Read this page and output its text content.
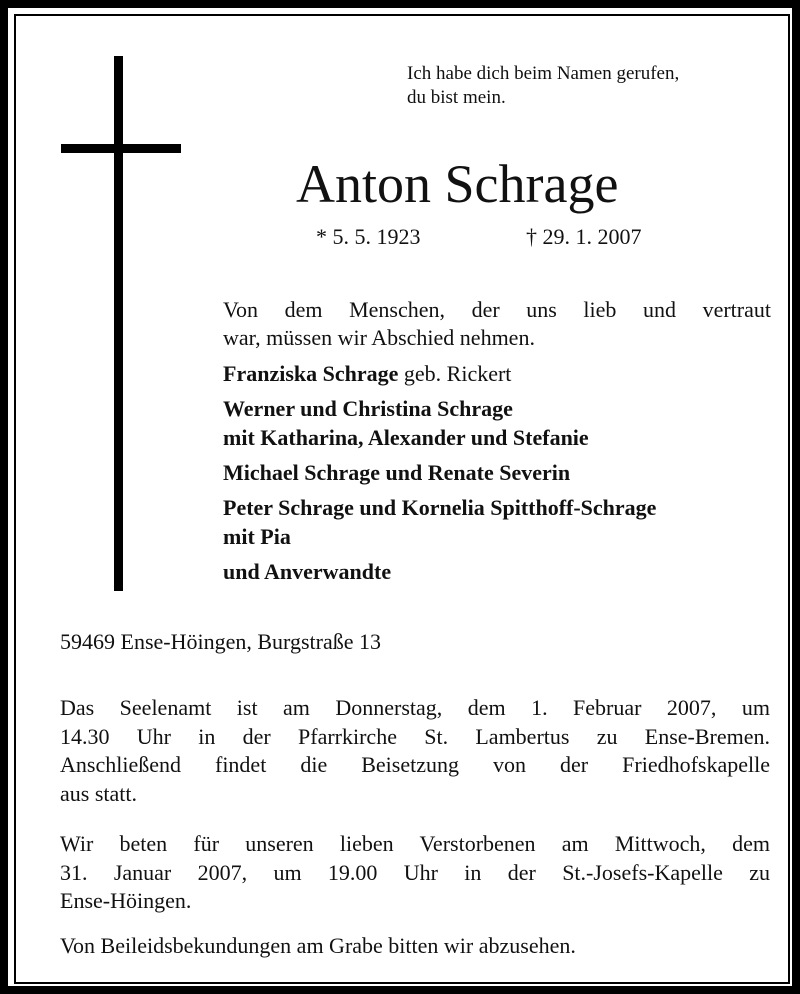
Ich habe dich beim Namen gerufen,
du bist mein.
Anton Schrage
* 5. 5. 1923	† 29. 1. 2007
Von dem Menschen, der uns lieb und vertraut
war, müssen wir Abschied nehmen.
Franziska Schrage geb. Rickert
Werner und Christina Schrage
mit Katharina, Alexander und Stefanie
Michael Schrage und Renate Severin
Peter Schrage und Kornelia Spitthoff-Schrage
mit Pia
und Anverwandte
59469 Ense-Höingen, Burgstraße 13
Das Seelenamt ist am Donnerstag, dem 1. Februar 2007, um
14.30 Uhr in der Pfarrkirche St. Lambertus zu Ense-Bremen.
Anschließend findet die Beisetzung von der Friedhofskapelle
aus statt.
Wir beten für unseren lieben Verstorbenen am Mittwoch, dem
31. Januar 2007, um 19.00 Uhr in der St.-Josefs-Kapelle zu
Ense-Höingen.
Von Beileidsbekundungen am Grabe bitten wir abzusehen.
